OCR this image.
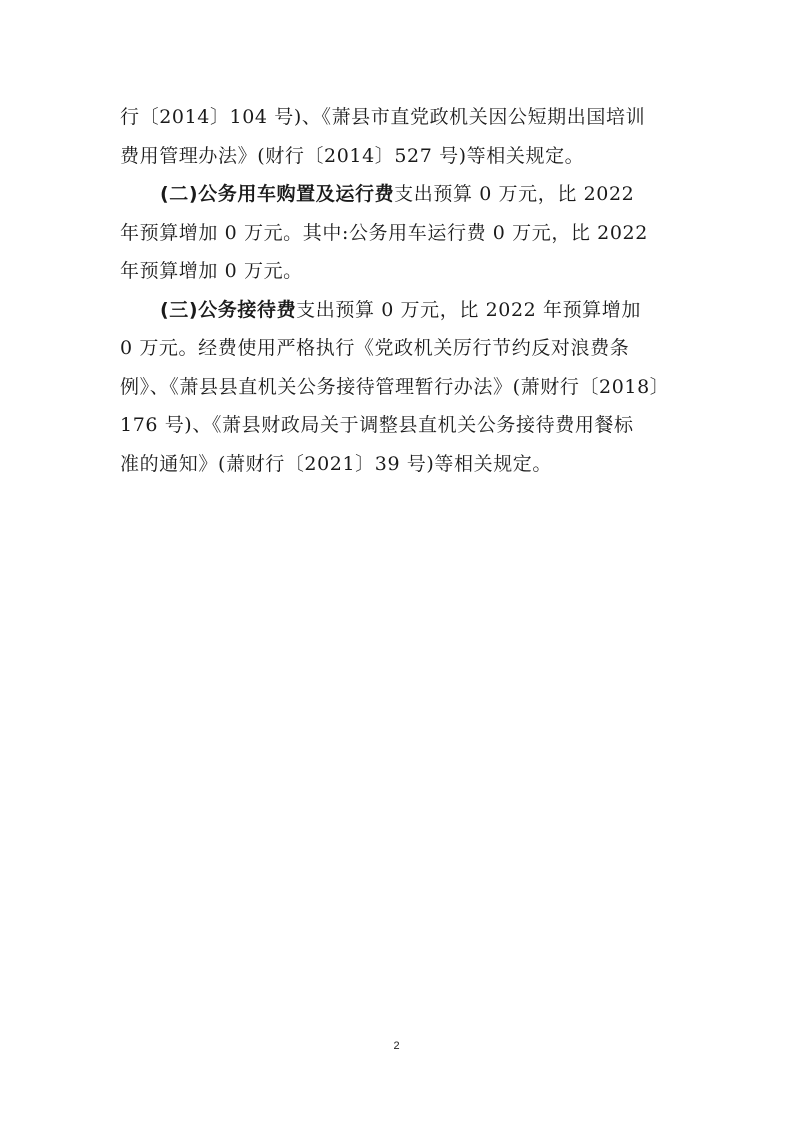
行〔2014〕104 号)、《萧县市直党政机关因公短期出国培训
费用管理办法》(财行〔2014〕527 号)等相关规定。
(二)公务用车购置及运行费支出预算 0 万元，比 2022
年预算增加 0 万元。其中:公务用车运行费 0 万元，比 2022
年预算增加 0 万元。
(三)公务接待费支出预算 0 万元，比 2022 年预算增加
0 万元。经费使用严格执行《党政机关厉行节约反对浪费条
例》、《萧县县直机关公务接待管理暂行办法》(萧财行〔2018〕
176 号)、《萧县财政局关于调整县直机关公务接待费用餐标
准的通知》(萧财行〔2021〕39 号)等相关规定。
2
